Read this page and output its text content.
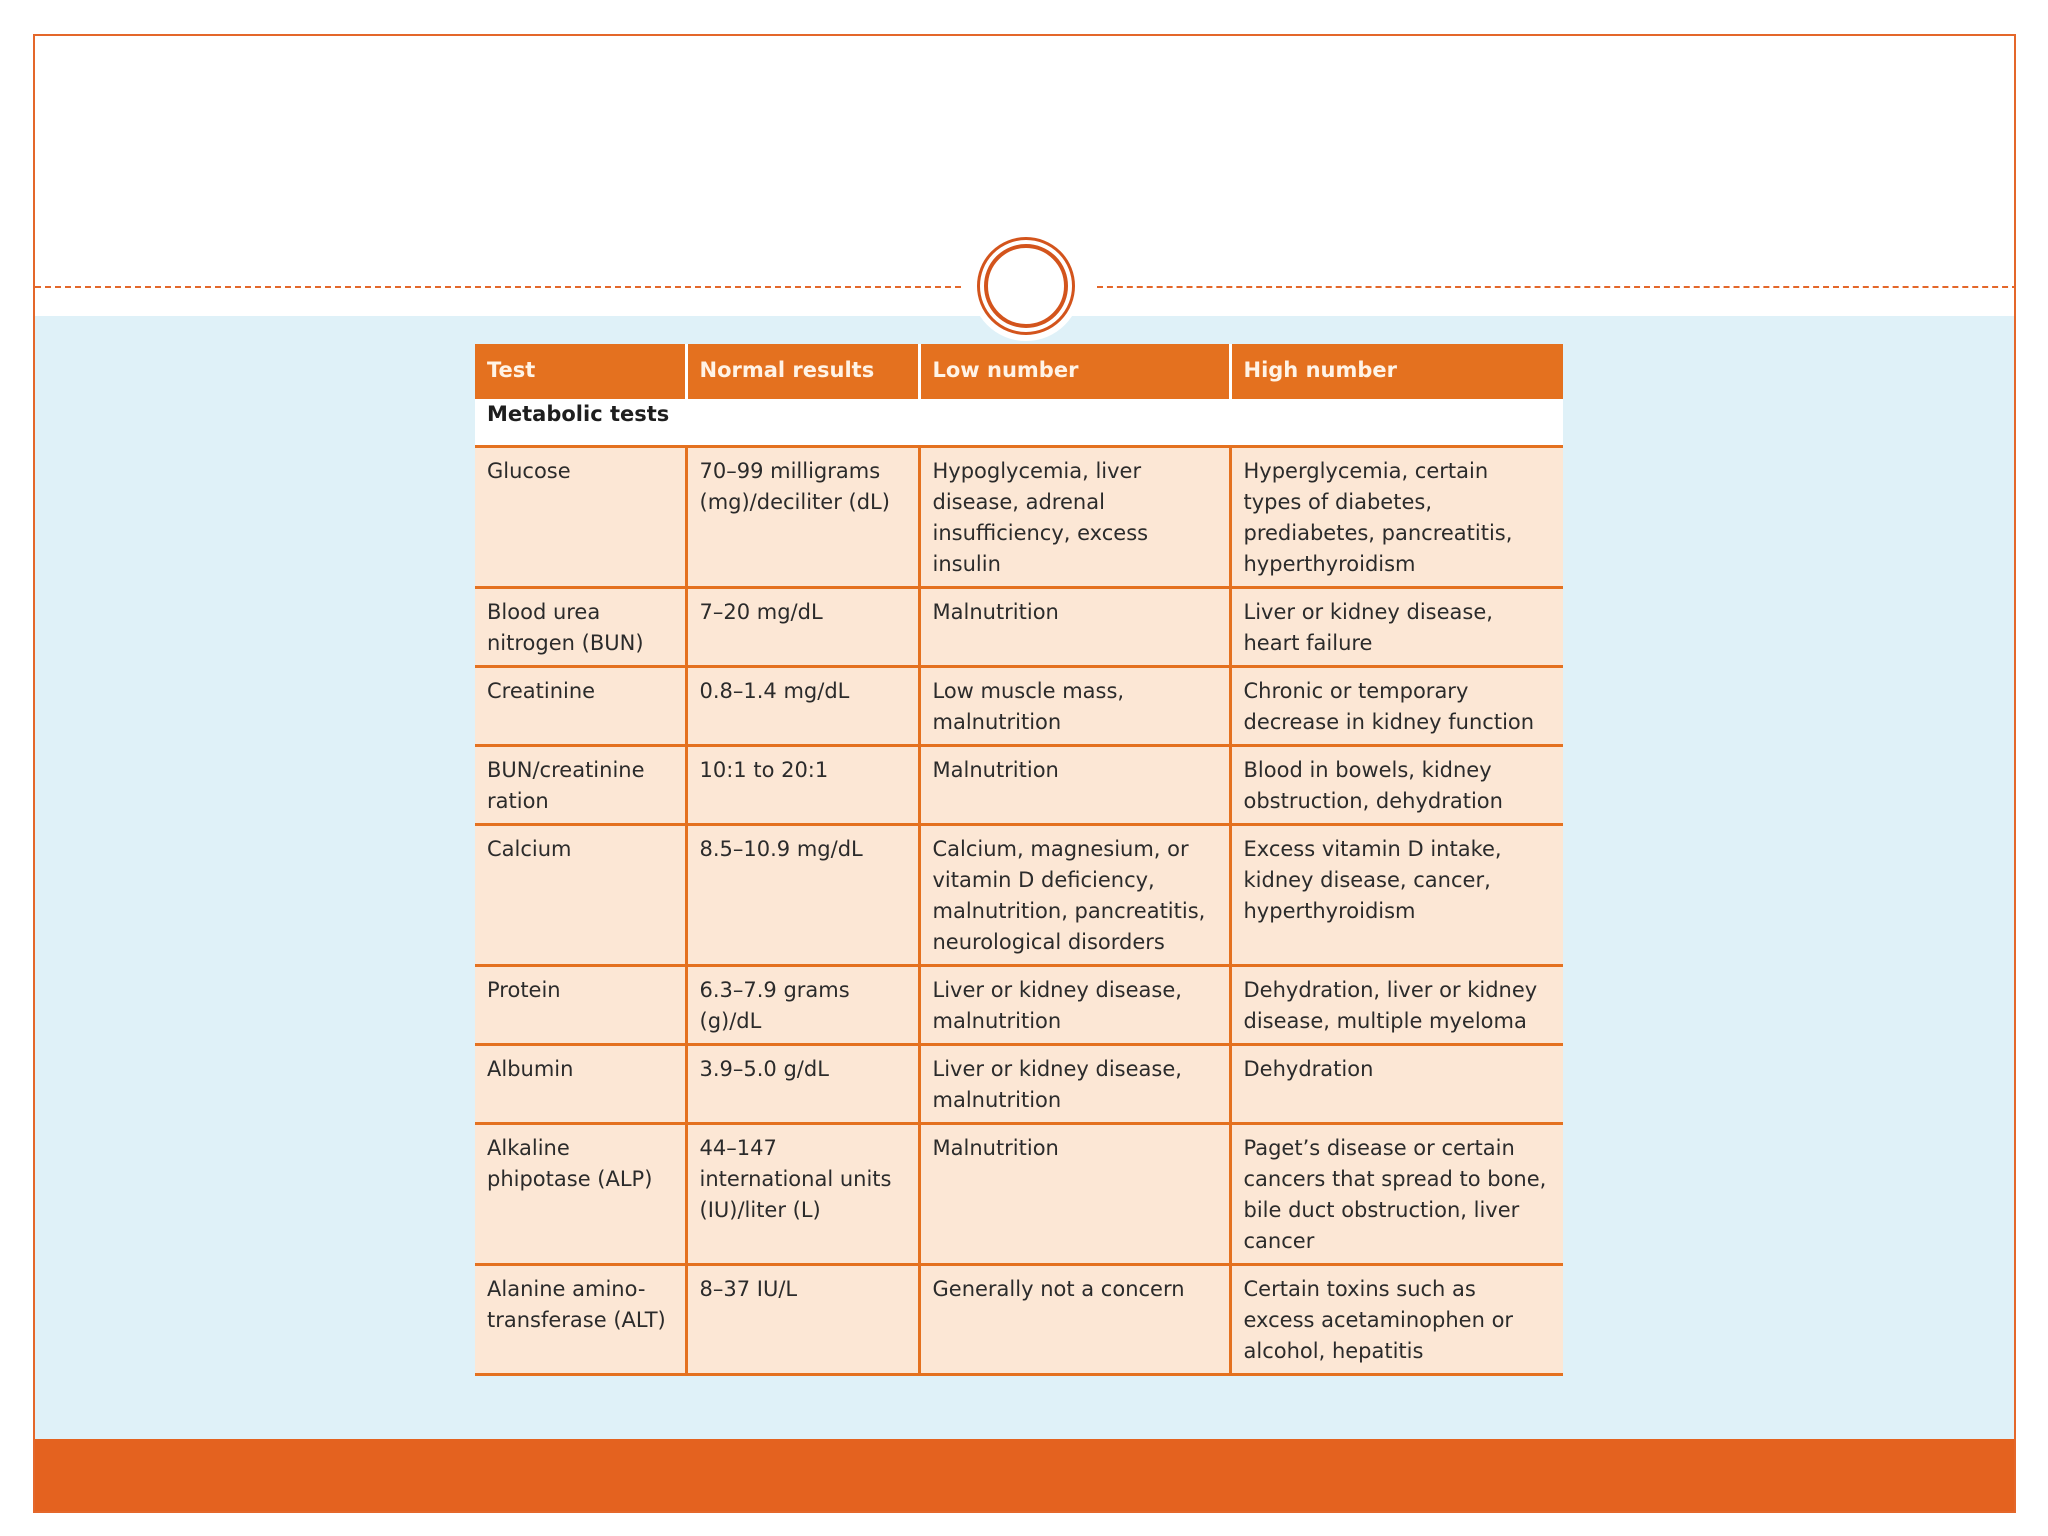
Test	Normal results	Low number	High number
Metabolic tests			
Glucose	70–99 milligrams (mg)/deciliter (dL)	Hypoglycemia, liver disease, adrenal insufficiency, excess insulin	Hyperglycemia, certain types of diabetes, prediabetes, pancreatitis, hyperthyroidism
Blood urea nitrogen (BUN)	7–20 mg/dL	Malnutrition	Liver or kidney disease, heart failure
Creatinine	0.8–1.4 mg/dL	Low muscle mass, malnutrition	Chronic or temporary decrease in kidney function
BUN/creatinine ration	10:1 to 20:1	Malnutrition	Blood in bowels, kidney obstruction, dehydration
Calcium	8.5–10.9 mg/dL	Calcium, magnesium, or vitamin D deficiency, malnutrition, pancreatitis, neurological disorders	Excess vitamin D intake, kidney disease, cancer, hyperthyroidism
Protein	6.3–7.9 grams (g)/dL	Liver or kidney disease, malnutrition	Dehydration, liver or kidney disease, multiple myeloma
Albumin	3.9–5.0 g/dL	Liver or kidney disease, malnutrition	Dehydration
Alkaline phipotase (ALP)	44–147 international units (IU)/liter (L)	Malnutrition	Paget’s disease or certain cancers that spread to bone, bile duct obstruction, liver cancer
Alanine amino-transferase (ALT)	8–37 IU/L	Generally not a concern	Certain toxins such as excess acetaminophen or alcohol, hepatitis
